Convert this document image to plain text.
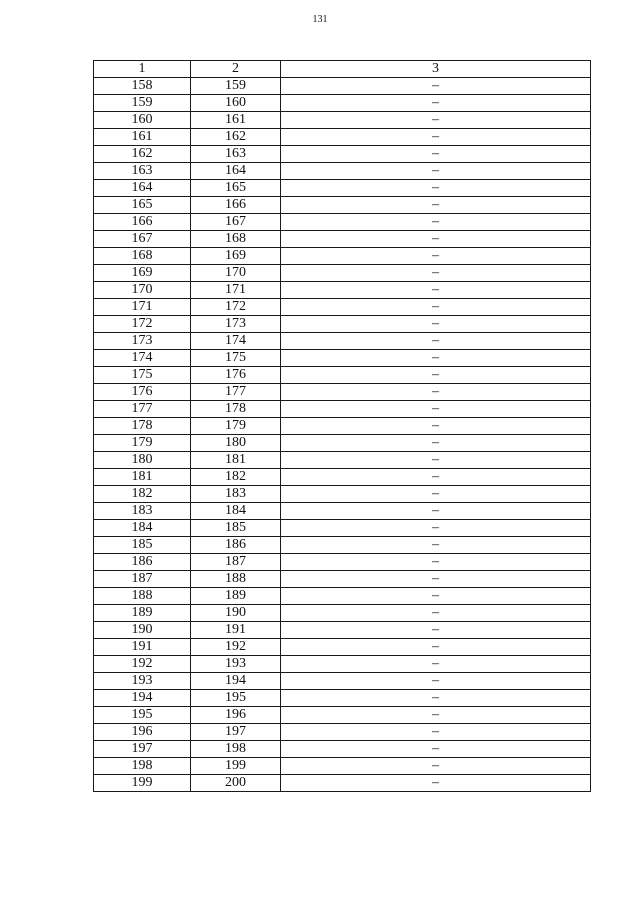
131
1	2	3
158	159	–
159	160	–
160	161	–
161	162	–
162	163	–
163	164	–
164	165	–
165	166	–
166	167	–
167	168	–
168	169	–
169	170	–
170	171	–
171	172	–
172	173	–
173	174	–
174	175	–
175	176	–
176	177	–
177	178	–
178	179	–
179	180	–
180	181	–
181	182	–
182	183	–
183	184	–
184	185	–
185	186	–
186	187	–
187	188	–
188	189	–
189	190	–
190	191	–
191	192	–
192	193	–
193	194	–
194	195	–
195	196	–
196	197	–
197	198	–
198	199	–
199	200	–
